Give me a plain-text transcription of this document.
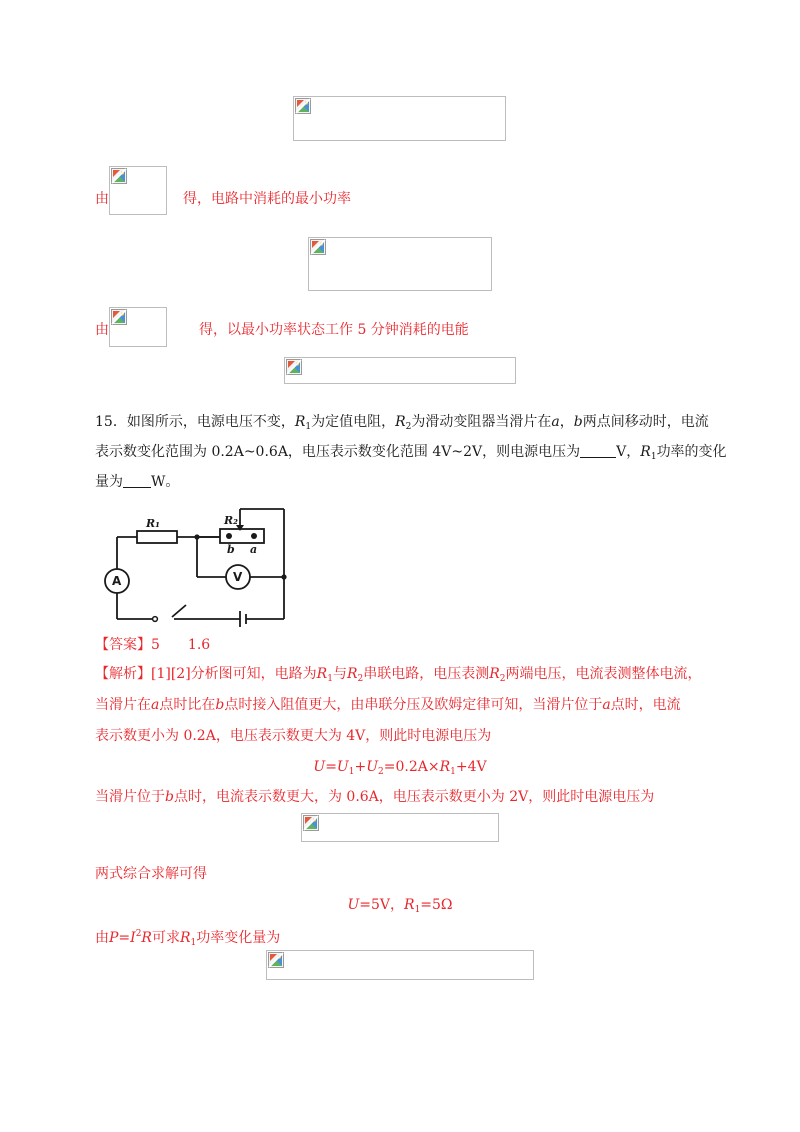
由	得，电路中消耗的最小功率
由	得，以最小功率状态工作 5 分钟消耗的电能
15．如图所示，电源电压不变，$R_1$为定值电阻，$R_2$为滑动变阻器当滑片在a，b两点间移动时，电流
表示数变化范围为 0.2A~0.6A，电压表示数变化范围 4V~2V，则电源电压为	V，$R_1$功率的变化
量为 W。
R₁	R₂
b a
A	V
【答案】5　　1.6
【解析】[1][2]分析图可知，电路为$R_1$与$R_2$串联电路，电压表测$R_2$两端电压，电流表测整体电流，
当滑片在a点时比在b点时接入阻值更大，由串联分压及欧姆定律可知，当滑片位于a点时，电流
表示数更小为 0.2A，电压表示数更大为 4V，则此时电源电压为
$U=U_1+U_2=0.2A\times R_1+4V$
当滑片位于b点时，电流表示数更大，为 0.6A，电压表示数更小为 2V，则此时电源电压为
两式综合求解可得
U=5V，$R_1=5\Omega$
由$P=I^2R$可求$R_1$功率变化量为
